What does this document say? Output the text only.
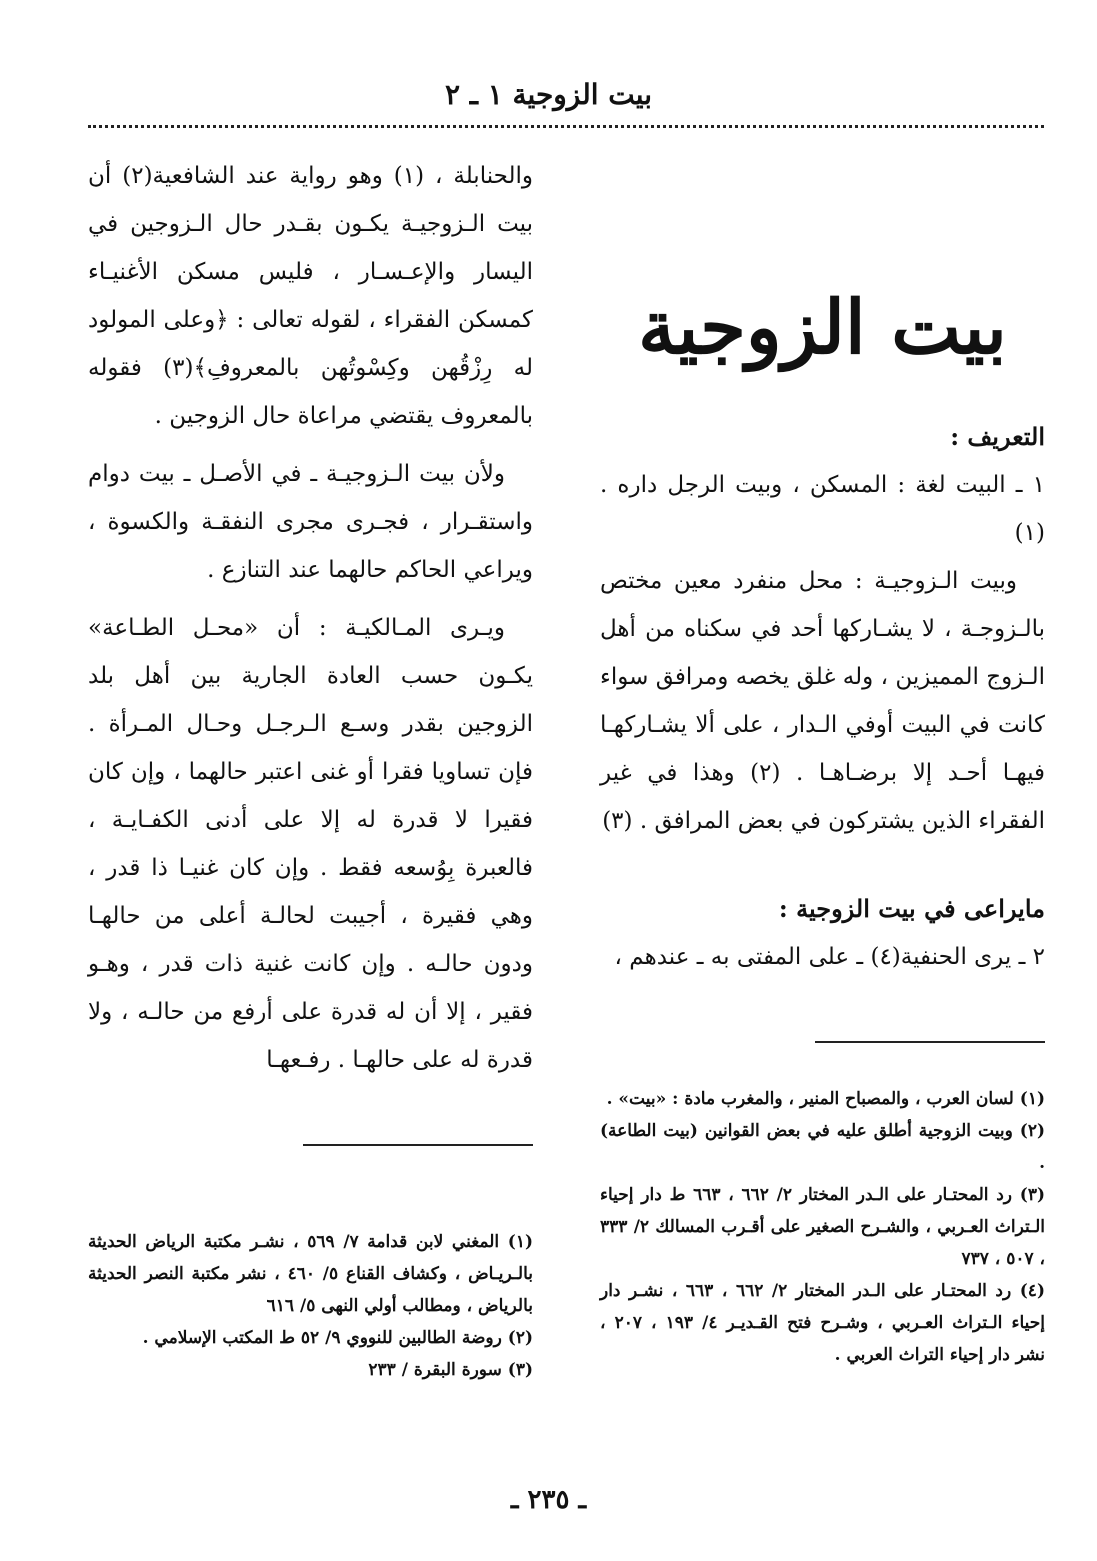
بيت الزوجية ١ ـ ٢
بيت الزوجية

التعريف :

١ ـ البيت لغة : المسكن ، وبيت الرجل داره . (١)

وبيت الـزوجيـة : محل منفرد معين مختص بالـزوجـة ، لا يشـاركها أحد في سكناه من أهل الـزوج المميزين ، وله غلق يخصه ومرافق سواء كانت في البيت أوفي الـدار ، على ألا يشـاركهـا فيهـا أحـد إلا برضـاهـا . (٢) وهذا في غير الفقراء الذين يشتركون في بعض المرافق . (٣)

مايراعى في بيت الزوجية :

٢ ـ يرى الحنفية(٤) ـ على المفتى به ـ عندهم ،

(١) لسان العرب ، والمصباح المنير ، والمغرب مادة : «بيت» .
(٢) وبيت الزوجية أطلق عليه في بعض القوانين (بيت الطاعة) .
(٣) رد المحتـار على الـدر المختار ٢/ ٦٦٢ ، ٦٦٣ ط دار إحياء الـتراث العـربي ، والشـرح الصغير على أقـرب المسالك ٢/ ٣٣٣ ، ٥٠٧ ، ٧٣٧
(٤) رد المحتـار على الـدر المختار ٢/ ٦٦٢ ، ٦٦٣ ، نشـر دار إحياء الـتراث العـربي ، وشـرح فتح القـديـر ٤/ ١٩٣ ، ٢٠٧ ، نشر دار إحياء التراث العربي .

والحنابلة ، (١) وهو رواية عند الشافعية(٢) أن بيت الـزوجيـة يكـون بقـدر حال الـزوجين في اليسار والإعـسـار ، فليس مسكن الأغنيـاء كمسكن الفقراء ، لقوله تعالى : ﴿وعلى المولود له رِزْقُهن وكِسْوتُهن بالمعروفِ﴾(٣) فقوله بالمعروف يقتضي مراعاة حال الزوجين .

ولأن بيت الـزوجيـة ـ في الأصـل ـ بيت دوام واستقـرار ، فجـرى مجرى النفقـة والكسوة ، ويراعي الحاكم حالهما عند التنازع .

ويـرى المـالكيـة : أن «محـل الطـاعة» يكـون حسب العادة الجارية بين أهل بلد الزوجين بقدر وسـع الـرجـل وحـال المـرأة . فإن تساويا فقرا أو غنى اعتبر حالهما ، وإن كان فقيرا لا قدرة له إلا على أدنى الكفـايـة ، فالعبرة بِوُسعه فقط . وإن كان غنيـا ذا قدر ، وهي فقيرة ، أجيبت لحالـة أعلى من حالهـا ودون حالـه . وإن كانت غنية ذات قدر ، وهـو فقير ، إلا أن له قدرة على أرفع من حالـه ، ولا قدرة له على حالهـا . رفـعهـا

(١) المغني لابن قدامة ٧/ ٥٦٩ ، نشـر مكتبة الرياض الحديثة بالـريـاض ، وكشاف القناع ٥/ ٤٦٠ ، نشر مكتبة النصر الحديثة بالرياض ، ومطالب أولي النهى ٥/ ٦١٦
(٢) روضة الطالبين للنووي ٩/ ٥٢ ط المكتب الإسلامي .
(٣) سورة البقرة / ٢٣٣
ـ ٢٣٥ ـ
